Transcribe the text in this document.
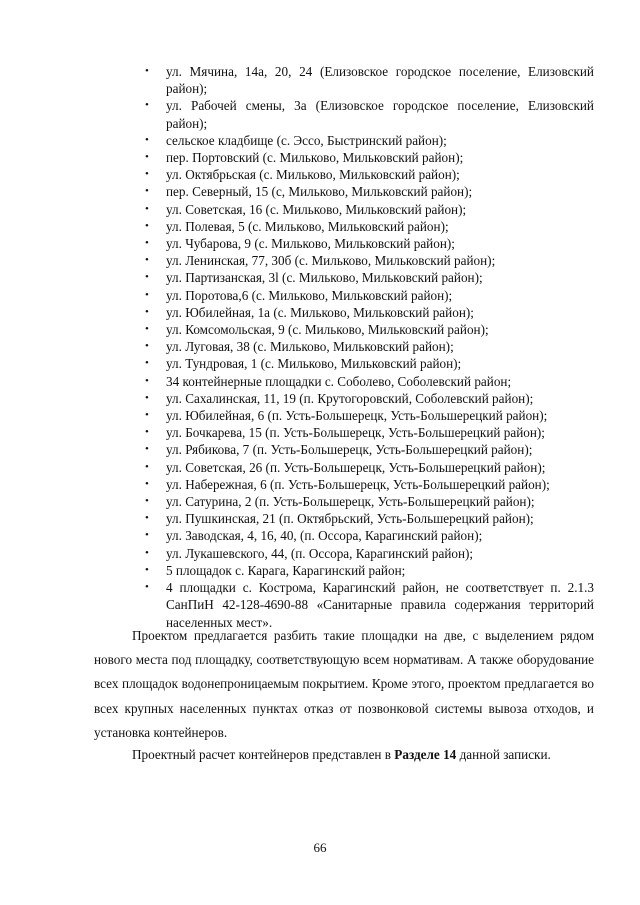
• ул. Мячина, 14а, 20, 24 (Елизовское городское поселение, Елизовский район);
• ул. Рабочей смены, 3а (Елизовское городское поселение, Елизовский район);
• сельское кладбище (с. Эссо, Быстринский район);
• пер. Портовский (с. Мильково, Мильковский район);
• ул. Октябрьская (с. Мильково, Мильковский район);
• пер. Северный, 15 (с, Мильково, Мильковский район);
• ул. Советская, 16 (с. Мильково, Мильковский район);
• ул. Полевая, 5 (с. Мильково, Мильковский район);
• ул. Чубарова, 9 (с. Мильково, Мильковский район);
• ул. Ленинская, 77, 30б (с. Мильково, Мильковский район);
• ул. Партизанская, 3l (с. Мильково, Мильковский район);
• ул. Поротова,6 (с. Мильково, Мильковский район);
• ул. Юбилейная, 1а (с. Мильково, Мильковский район);
• ул. Комсомольская, 9 (с. Мильково, Мильковский район);
• ул. Луговая, 38 (с. Мильково, Мильковский район);
• ул. Тундровая, 1 (с. Мильково, Мильковский район);
• 34 контейнерные площадки с. Соболево, Соболевский район;
• ул. Сахалинская, 11, 19 (п. Крутогоровский, Соболевский район);
• ул. Юбилейная, 6 (п. Усть-Большерецк, Усть-Большерецкий район);
• ул. Бочкарева, 15 (п. Усть-Большерецк, Усть-Большерецкий район);
• ул. Рябикова, 7 (п. Усть-Большерецк, Усть-Большерецкий район);
• ул. Советская, 26 (п. Усть-Большерецк, Усть-Большерецкий район);
• ул. Набережная, 6 (п. Усть-Большерецк, Усть-Большерецкий район);
• ул. Сатурина, 2 (п. Усть-Большерецк, Усть-Большерецкий район);
• ул. Пушкинская, 21 (п. Октябрьский, Усть-Большерецкий район);
• ул. Заводская, 4, 16, 40, (п. Оссора, Карагинский район);
• ул. Лукашевского, 44, (п. Оссора, Карагинский район);
• 5 площадок с. Карага, Карагинский район;
• 4 площадки с. Кострома, Карагинский район, не соответствует п. 2.1.3 СанПиН 42-128-4690-88 «Санитарные правила содержания территорий населенных мест».

Проектом предлагается разбить такие площадки на две, с выделением рядом нового места под площадку, соответствующую всем нормативам. А также оборудование всех площадок водонепроницаемым покрытием. Кроме этого, проектом предлагается во всех крупных населенных пунктах отказ от позвонковой системы вывоза отходов, и установка контейнеров.

Проектный расчет контейнеров представлен в Разделе 14 данной записки.

66
